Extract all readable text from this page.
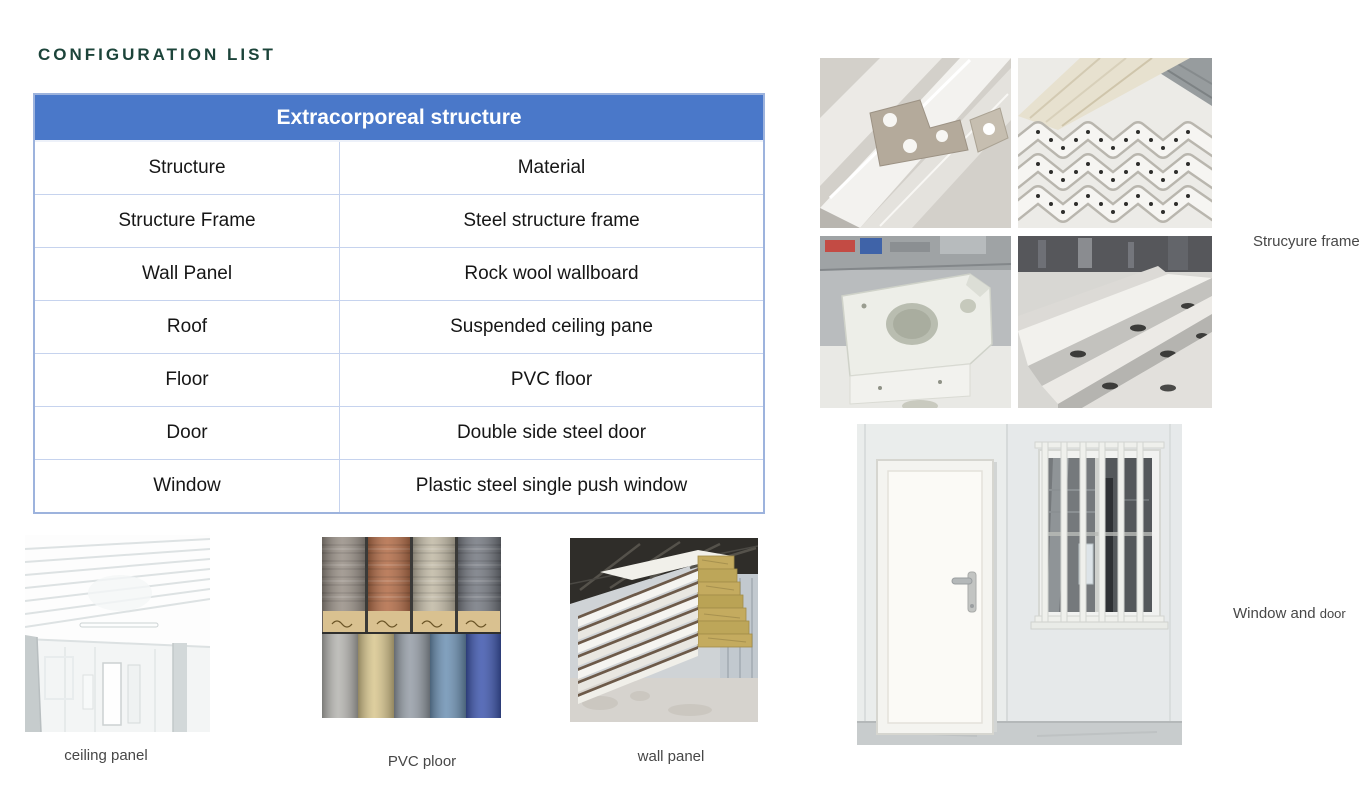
CONFIGURATION LIST
Extracorporeal structure
Structure	Material
Structure Frame	Steel structure frame
Wall Panel	Rock wool wallboard
Roof	Suspended ceiling pane
Floor	PVC floor
Door	Double side steel door
Window	Plastic steel single push window
Strucyure frame
Window and door
ceiling panel	PVC ploor	wall panel
